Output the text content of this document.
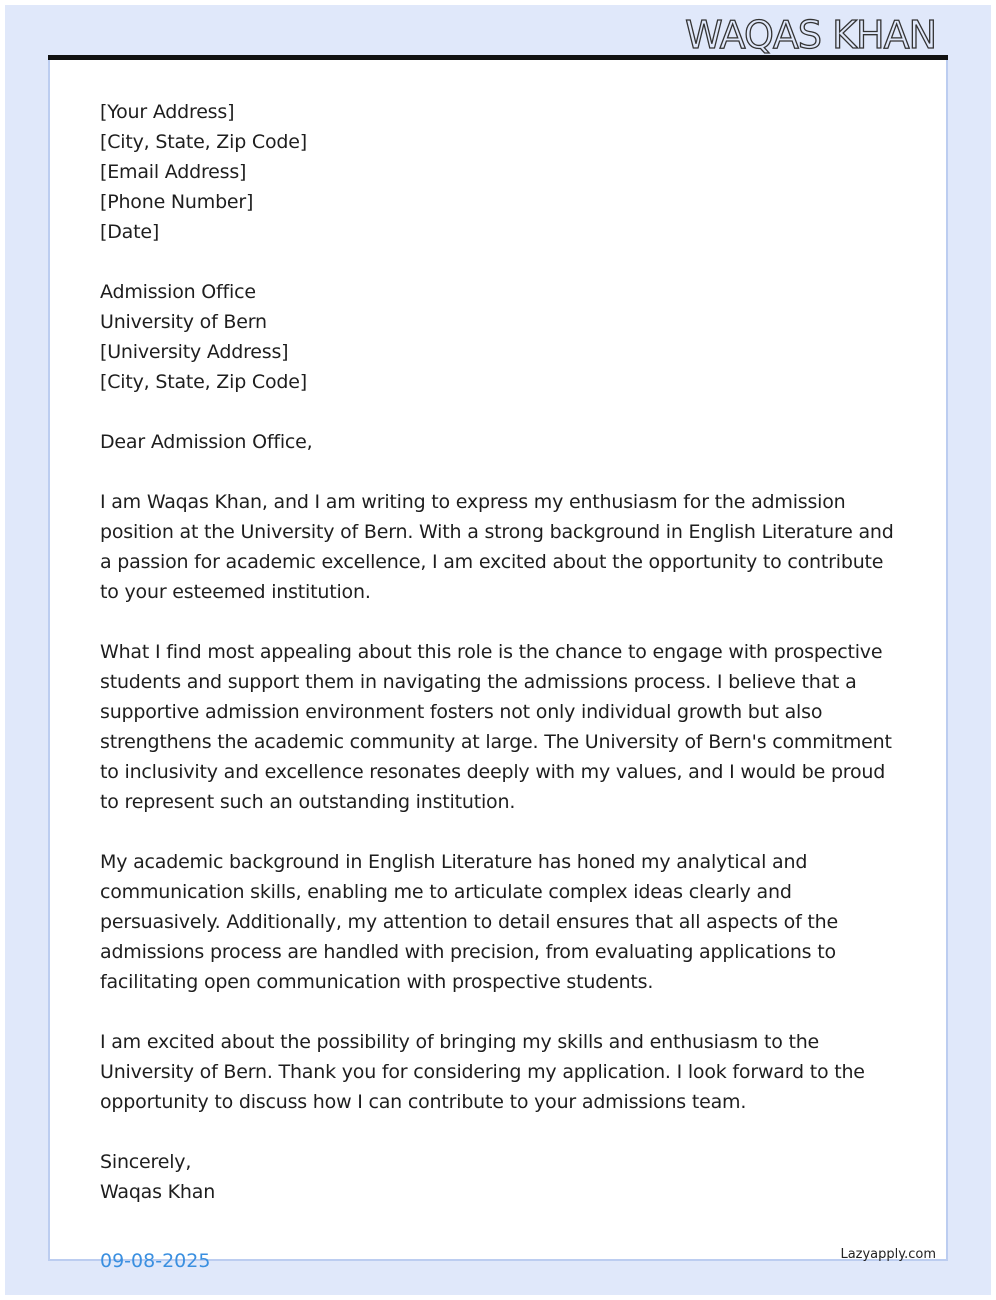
WAQAS KHAN
[Your Address]
[City, State, Zip Code]
[Email Address]
[Phone Number]
[Date]
Admission Office
University of Bern
[University Address]
[City, State, Zip Code]
Dear Admission Office,

I am Waqas Khan, and I am writing to express my enthusiasm for the admission position at the University of Bern. With a strong background in English Literature and a passion for academic excellence, I am excited about the opportunity to contribute to your esteemed institution.

What I find most appealing about this role is the chance to engage with prospective students and support them in navigating the admissions process. I believe that a supportive admission environment fosters not only individual growth but also strengthens the academic community at large. The University of Bern's commitment to inclusivity and excellence resonates deeply with my values, and I would be proud to represent such an outstanding institution.

My academic background in English Literature has honed my analytical and communication skills, enabling me to articulate complex ideas clearly and persuasively. Additionally, my attention to detail ensures that all aspects of the admissions process are handled with precision, from evaluating applications to facilitating open communication with prospective students.

I am excited about the possibility of bringing my skills and enthusiasm to the University of Bern. Thank you for considering my application. I look forward to the opportunity to discuss how I can contribute to your admissions team.

Sincerely,
Waqas Khan
09-08-2025	Lazyapply.com
